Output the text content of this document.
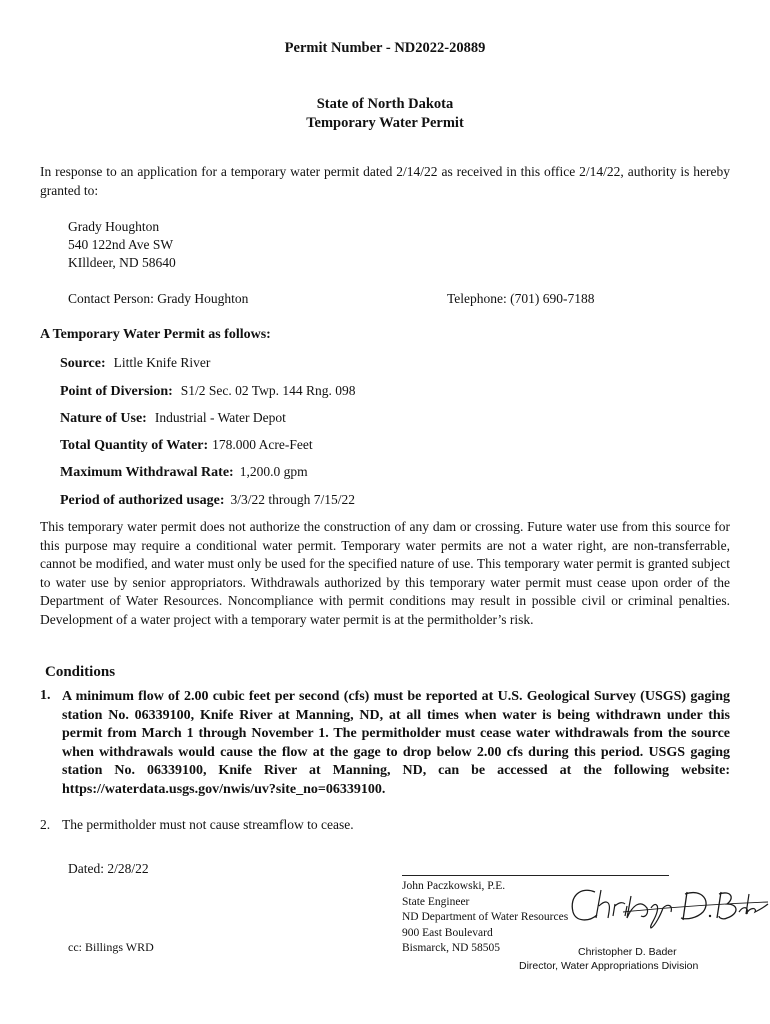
Permit Number - ND2022-20889
State of North Dakota
Temporary Water Permit
In response to an application for a temporary water permit dated 2/14/22 as received in this office 2/14/22, authority is hereby granted to:
Grady Houghton
540 122nd Ave SW
KIlldeer, ND 58640
Contact Person: Grady Houghton	Telephone: (701) 690-7188
A Temporary Water Permit as follows:
Source: Little Knife River
Point of Diversion: S1/2 Sec. 02 Twp. 144 Rng. 098
Nature of Use: Industrial - Water Depot
Total Quantity of Water: 178.000 Acre-Feet
Maximum Withdrawal Rate: 1,200.0 gpm
Period of authorized usage: 3/3/22 through 7/15/22
This temporary water permit does not authorize the construction of any dam or crossing. Future water use from this source for this purpose may require a conditional water permit. Temporary water permits are not a water right, are non-transferrable, cannot be modified, and water must only be used for the specified nature of use. This temporary water permit is granted subject to water use by senior appropriators. Withdrawals authorized by this temporary water permit must cease upon order of the Department of Water Resources. Noncompliance with permit conditions may result in possible civil or criminal penalties. Development of a water project with a temporary water permit is at the permitholder’s risk.
Conditions
1. A minimum flow of 2.00 cubic feet per second (cfs) must be reported at U.S. Geological Survey (USGS) gaging station No. 06339100, Knife River at Manning, ND, at all times when water is being withdrawn under this permit from March 1 through November 1. The permitholder must cease water withdrawals from the source when withdrawals would cause the flow at the gage to drop below 2.00 cfs during this period. USGS gaging station No. 06339100, Knife River at Manning, ND, can be accessed at the following website: https://waterdata.usgs.gov/nwis/uv?site_no=06339100.
2. The permitholder must not cause streamflow to cease.
Dated: 2/28/22
cc: Billings WRD
John Paczkowski, P.E.
State Engineer
ND Department of Water Resources
900 East Boulevard
Bismarck, ND 58505	Christopher D. Bader
Director, Water Appropriations Division
